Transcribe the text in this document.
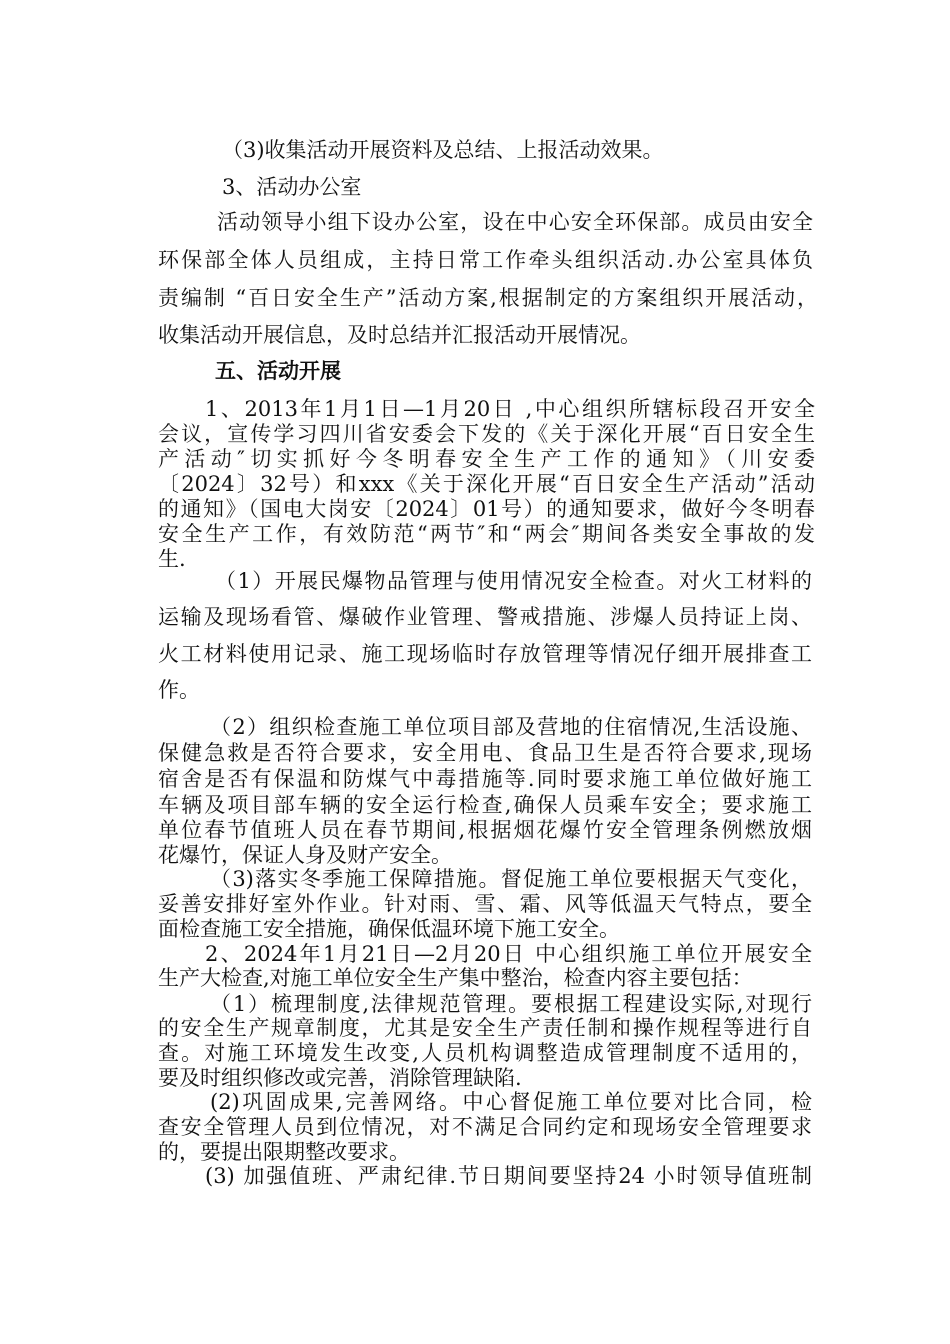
（3)收集活动开展资料及总结、上报活动效果。
3、活动办公室
活动领导小组下设办公室，设在中心安全环保部。成员由安全
环保部全体人员组成，主持日常工作牵头组织活动.办公室具体负
责编制 “百日安全生产”活动方案,根据制定的方案组织开展活动，
收集活动开展信息，及时总结并汇报活动开展情况。
五、活动开展
1、2013年1月1日—1月20日 ,中心组织所辖标段召开安全
会议，宣传学习四川省安委会下发的《关于深化开展“百日安全生
产活动″切实抓好今冬明春安全生产工作的通知》（川安委
〔2024〕32号）和xxx《关于深化开展“百日安全生产活动”活动
的通知》（国电大岗安〔2024〕01号）的通知要求，做好今冬明春
安全生产工作，有效防范“两节″和“两会″期间各类安全事故的发
生.
（1）开展民爆物品管理与使用情况安全检查。对火工材料的
运输及现场看管、爆破作业管理、警戒措施、涉爆人员持证上岗、
火工材料使用记录、施工现场临时存放管理等情况仔细开展排查工
作。
（2）组织检查施工单位项目部及营地的住宿情况,生活设施、
保健急救是否符合要求，安全用电、食品卫生是否符合要求,现场
宿舍是否有保温和防煤气中毒措施等.同时要求施工单位做好施工
车辆及项目部车辆的安全运行检查,确保人员乘车安全；要求施工
单位春节值班人员在春节期间,根据烟花爆竹安全管理条例燃放烟
花爆竹，保证人身及财产安全。
（3)落实冬季施工保障措施。督促施工单位要根据天气变化，
妥善安排好室外作业。针对雨、雪、霜、风等低温天气特点，要全
面检查施工安全措施，确保低温环境下施工安全。
2、2024年1月21日—2月20日 中心组织施工单位开展安全
生产大检查,对施工单位安全生产集中整治，检查内容主要包括：
（1）梳理制度,法律规范管理。要根据工程建设实际,对现行
的安全生产规章制度，尤其是安全生产责任制和操作规程等进行自
查。对施工环境发生改变,人员机构调整造成管理制度不适用的，
要及时组织修改或完善，消除管理缺陷.
(2)巩固成果,完善网络。中心督促施工单位要对比合同，检
查安全管理人员到位情况，对不满足合同约定和现场安全管理要求
的，要提出限期整改要求。
(3) 加强值班、严肃纪律.节日期间要坚持24 小时领导值班制
